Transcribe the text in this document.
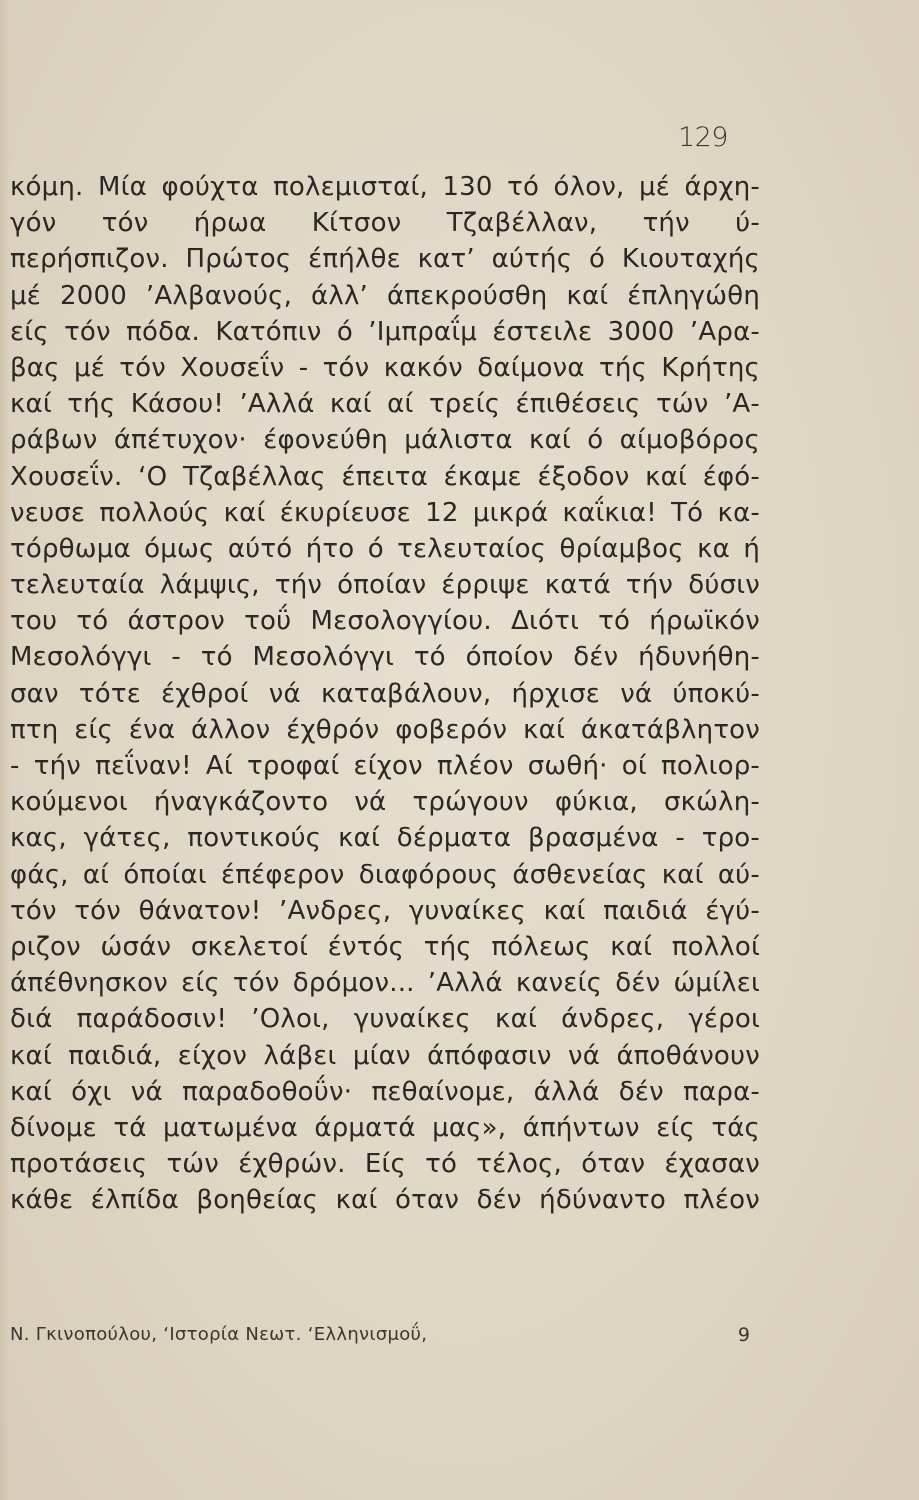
129
κόμη. Μία φούχτα πολεμισταί, 130 τό όλον, μέ άρχη-
γόν τόν ήρωα Κίτσον Τζαβέλλαν, τήν ύ-
περήσπιζον. Πρώτος έπήλθε κατ’ αύτής ό Κιουταχής
μέ 2000 ’Αλβανούς, άλλ’ άπεκρούσθη καί έπληγώθη
είς τόν πόδα. Κατόπιν ό ’Ιμπραΐμ έστειλε 3000 ’Αρα-
βας μέ τόν Χουσεΐν - τόν κακόν δαίμονα τής Κρήτης
καί τής Κάσου! ’Αλλά καί αί τρείς έπιθέσεις τών ’Α-
ράβων άπέτυχον· έφονεύθη μάλιστα καί ό αίμοβόρος
Χουσεΐν. ‘Ο Τζαβέλλας έπειτα έκαμε έξοδον καί έφό-
νευσε πολλούς καί έκυρίευσε 12 μικρά καΐκια! Τό κα-
τόρθωμα όμως αύτό ήτο ό τελευταίος θρίαμβος κα ή
τελευταία λάμψις, τήν όποίαν έρριψε κατά τήν δύσιν
του τό άστρον τοΰ Μεσολογγίου. Διότι τό ήρωϊκόν
Μεσολόγγι - τό Μεσολόγγι τό όποίον δέν ήδυνήθη-
σαν τότε έχθροί νά καταβάλουν, ήρχισε νά ύποκύ-
πτη είς ένα άλλον έχθρόν φοβερόν καί άκατάβλητον
- τήν πεΐναν! Αί τροφαί είχον πλέον σωθή· οί πολιορ-
κούμενοι ήναγκάζοντο νά τρώγουν φύκια, σκώλη-
κας, γάτες, ποντικούς καί δέρματα βρασμένα - τρο-
φάς, αί όποίαι έπέφερον διαφόρους άσθενείας καί αύ-
τόν τόν θάνατον! ’Ανδρες, γυναίκες καί παιδιά έγύ-
ριζον ώσάν σκελετοί έντός τής πόλεως καί πολλοί
άπέθνησκον είς τόν δρόμον... ’Αλλά κανείς δέν ώμίλει
διά παράδοσιν! ’Ολοι, γυναίκες καί άνδρες, γέροι
καί παιδιά, είχον λάβει μίαν άπόφασιν νά άποθάνουν
καί όχι νά παραδοθοΰν· πεθαίνομε, άλλά δέν παρα-
δίνομε τά ματωμένα άρματά μας», άπήντων είς τάς
προτάσεις τών έχθρών. Είς τό τέλος, όταν έχασαν
κάθε έλπίδα βοηθείας καί όταν δέν ήδύναντο πλέον
Ν. Γκινοπούλου, ‘Ιστορία Νεωτ. ‘Ελληνισμοΰ,	9
